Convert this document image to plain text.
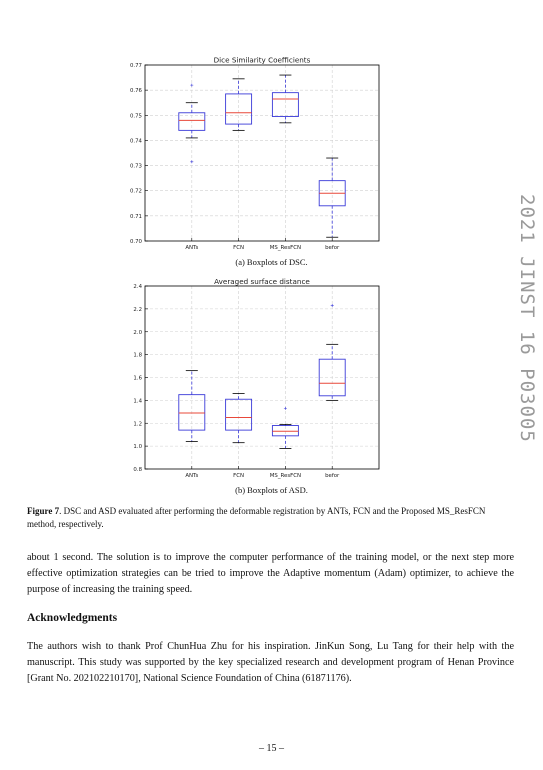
Dice Similarity Coefficients
0.70
0.71
0.72
0.73
0.74
0.75
0.76
0.77
ANTs	FCN	MS_ResFCN	befor
(a) Boxplots of DSC.
Averaged surface distance
0.8
1.0
1.2
1.4
1.6
1.8
2.0
2.2
2.4
ANTs	FCN	MS_ResFCN	befor
(b) Boxplots of ASD.
Figure 7. DSC and ASD evaluated after performing the deformable registration by ANTs, FCN and the Proposed MS_ResFCN method, respectively.
about 1 second. The solution is to improve the computer performance of the training model, or the next step more effective optimization strategies can be tried to improve the Adaptive momentum (Adam) optimizer, to achieve the purpose of increasing the training speed.
Acknowledgments
The authors wish to thank Prof ChunHua Zhu for his inspiration. JinKun Song, Lu Tang for their help with the manuscript. This study was supported by the key specialized research and development program of Henan Province [Grant No. 202102210170], National Science Foundation of China (61871176).
– 15 –
2021 JINST 16 P03005
